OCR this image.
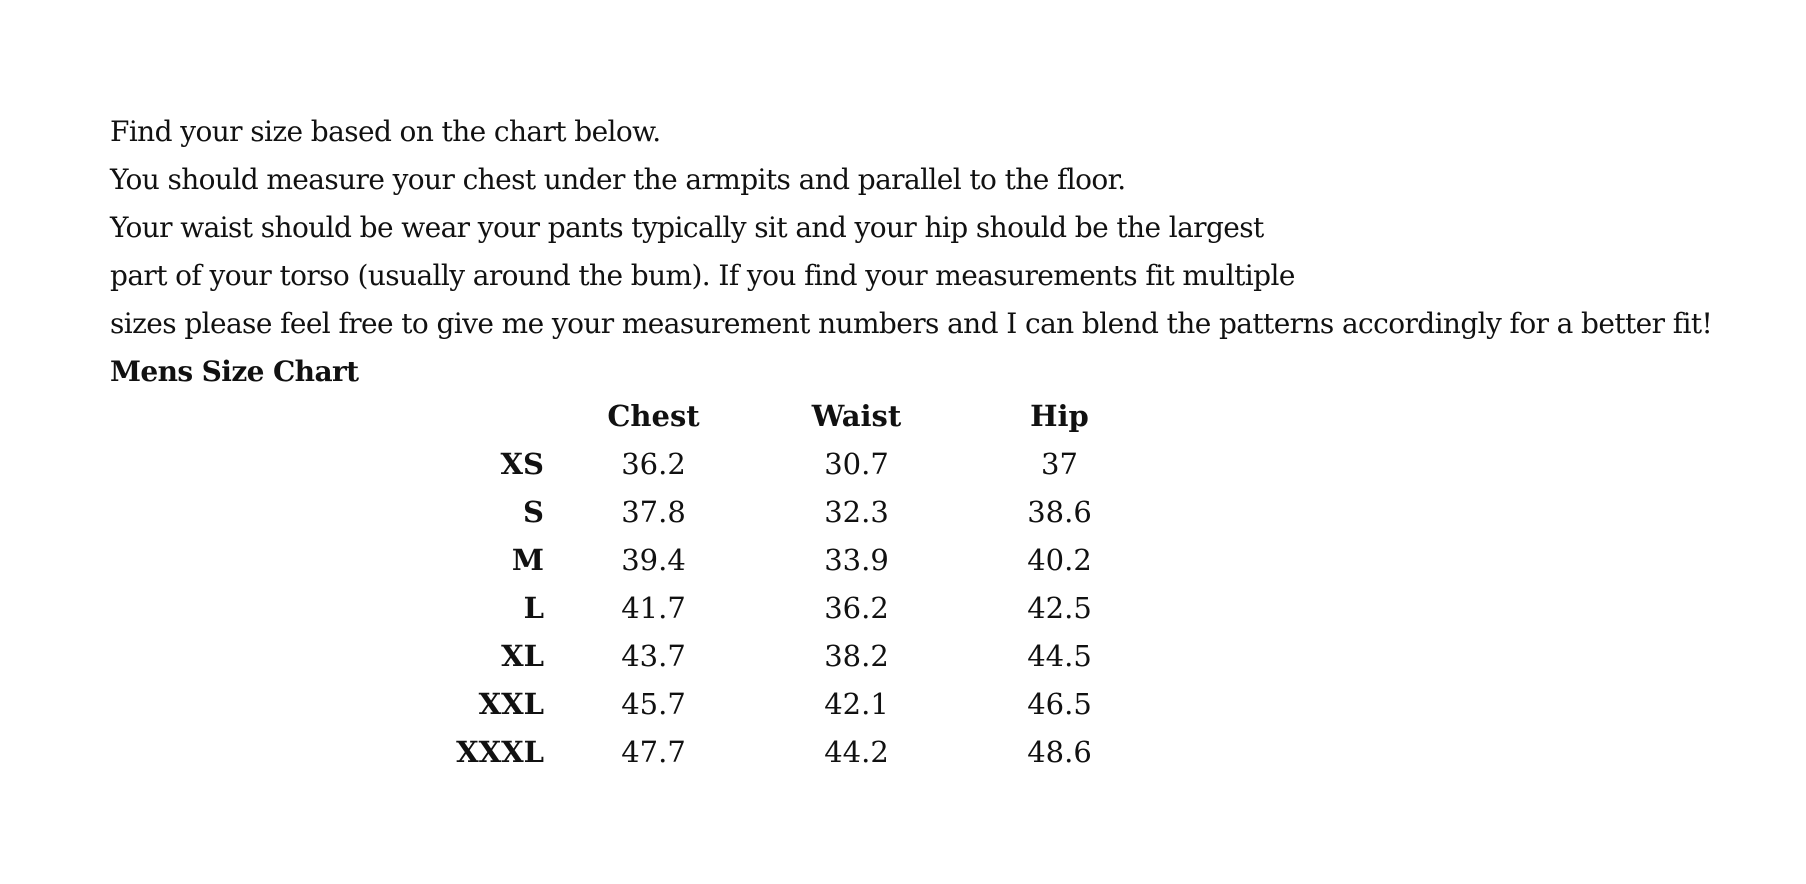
Find your size based on the chart below.
You should measure your chest under the armpits and parallel to the floor.
Your waist should be wear your pants typically sit and your hip should be the largest
part of your torso (usually around the bum). If you find your measurements fit multiple
sizes please feel free to give me your measurement numbers and I can blend the patterns accordingly for a better fit!
Mens Size Chart
	Chest	Waist	Hip
XS	36.2	30.7	37
S	37.8	32.3	38.6
M	39.4	33.9	40.2
L	41.7	36.2	42.5
XL	43.7	38.2	44.5
XXL	45.7	42.1	46.5
XXXL	47.7	44.2	48.6
